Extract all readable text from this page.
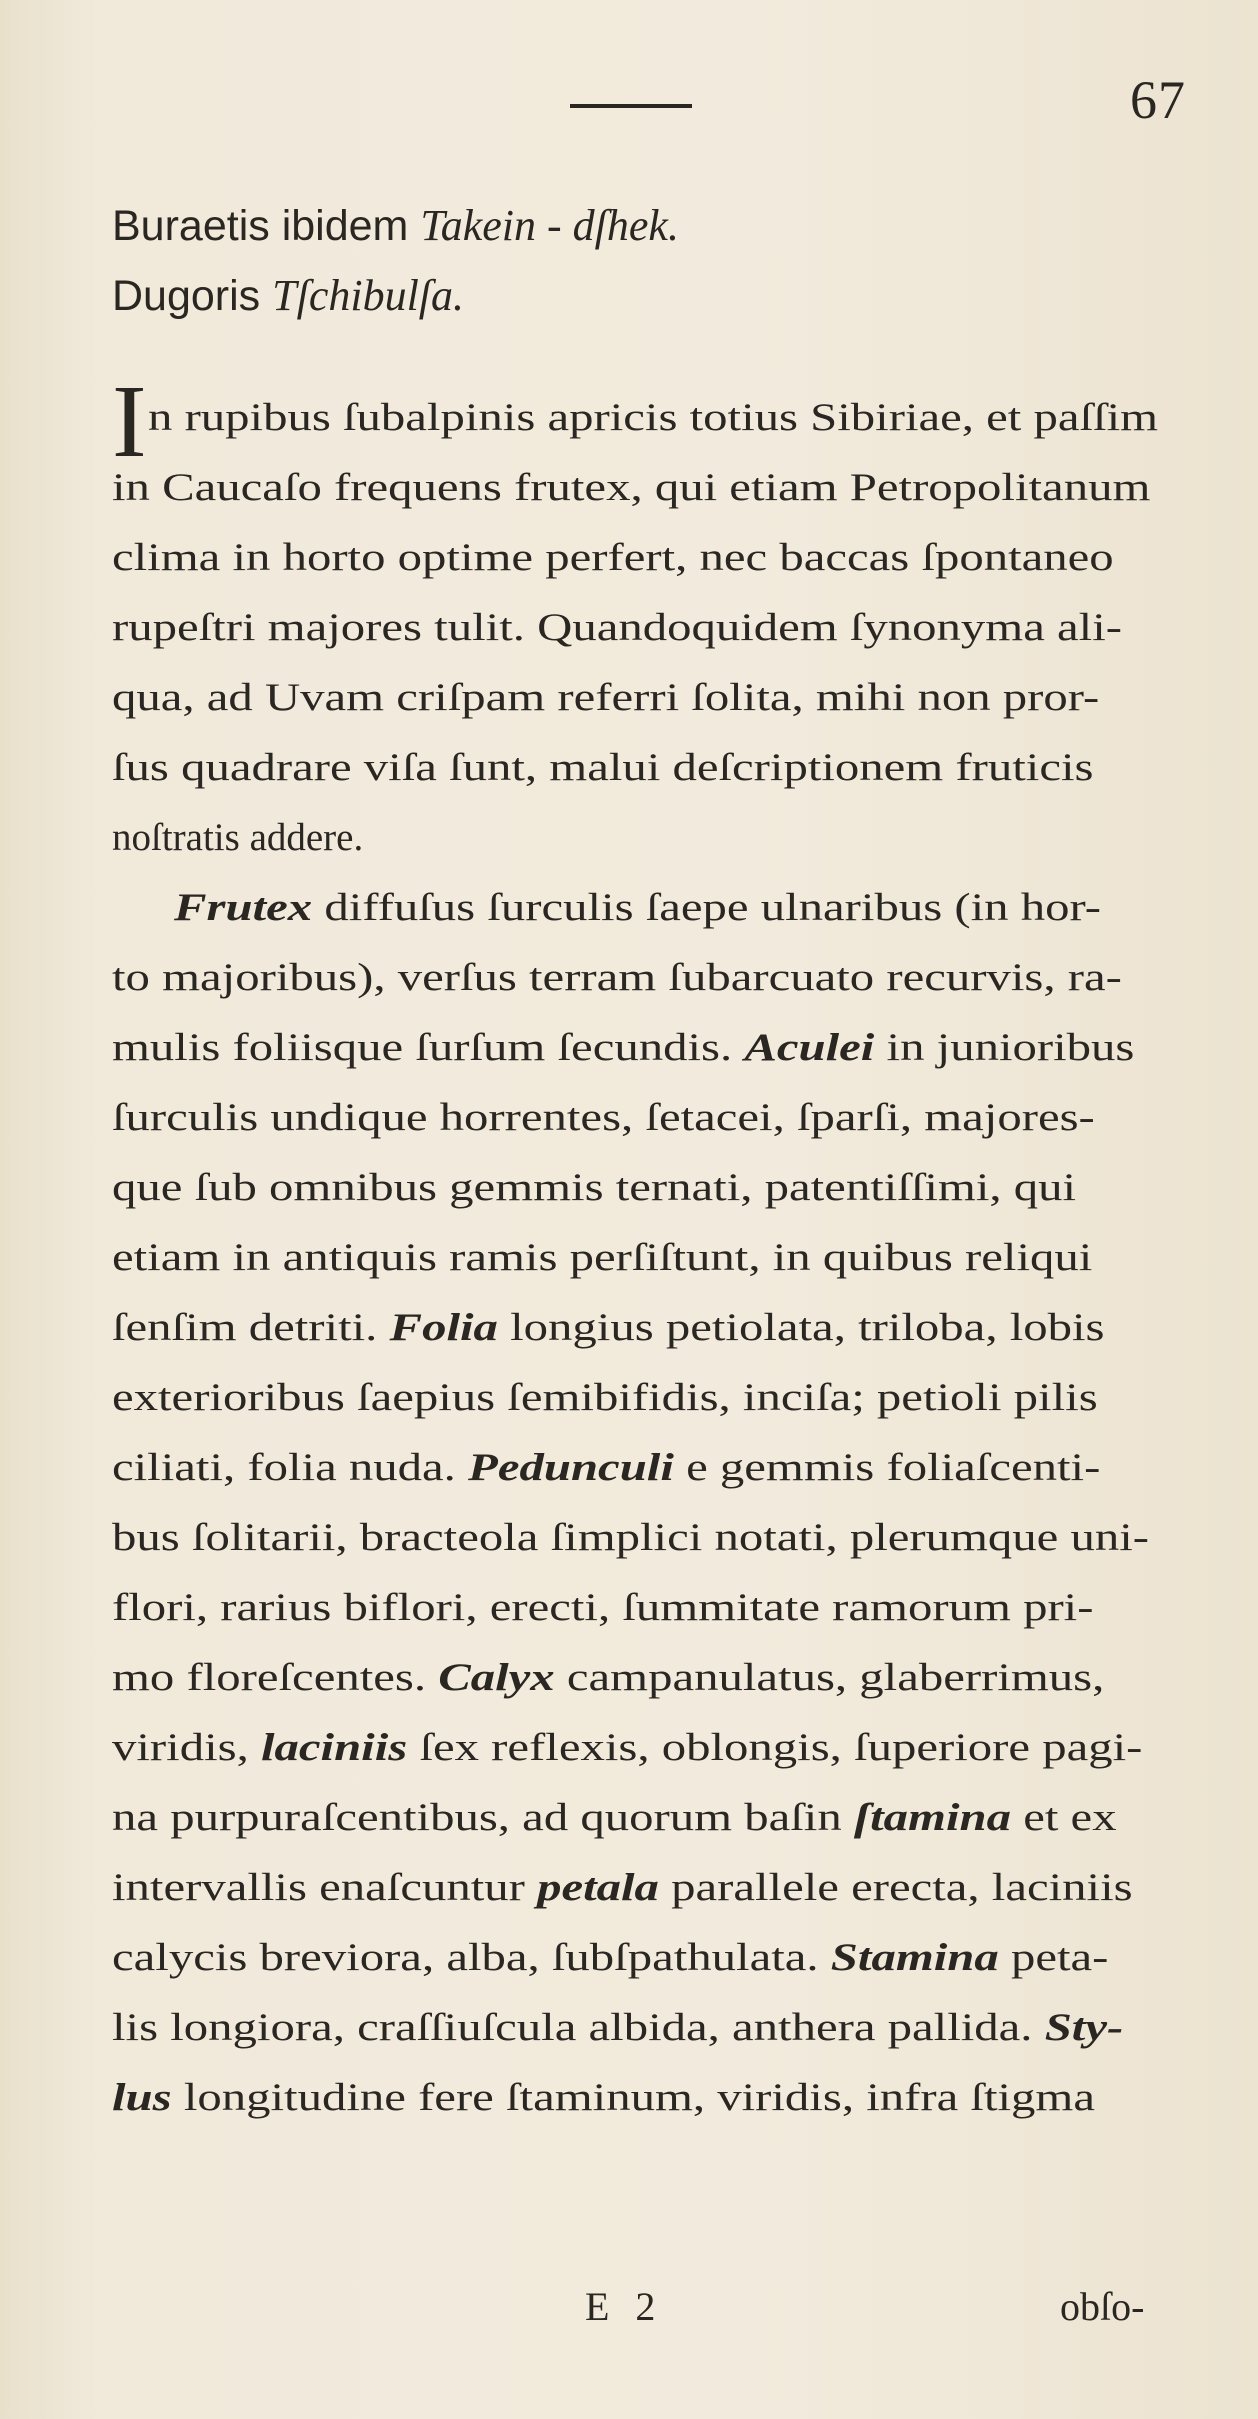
67
Buraetis ibidem Takein - dſhek.
Dugoris Tſchibulſa.
I n rupibus ſubalpinis apricis totius Sibiriae, et paſſim
in Caucaſo frequens frutex, qui etiam Petropolitanum
clima in horto optime perfert, nec baccas ſpontaneo
rupeſtri majores tulit. Quandoquidem ſynonyma ali-
qua, ad Uvam criſpam referri ſolita, mihi non pror-
ſus quadrare viſa ſunt, malui deſcriptionem fruticis
noſtratis addere.
Frutex diffuſus ſurculis ſaepe ulnaribus (in hor-
to majoribus), verſus terram ſubarcuato recurvis, ra-
mulis foliisque ſurſum ſecundis. Aculei in junioribus
ſurculis undique horrentes, ſetacei, ſparſi, majores-
que ſub omnibus gemmis ternati, patentiſſimi, qui
etiam in antiquis ramis perſiſtunt, in quibus reliqui
ſenſim detriti. Folia longius petiolata, triloba, lobis
exterioribus ſaepius ſemibifidis, inciſa; petioli pilis
ciliati, folia nuda. Pedunculi e gemmis foliaſcenti-
bus ſolitarii, bracteola ſimplici notati, plerumque uni-
flori, rarius biflori, erecti, ſummitate ramorum pri-
mo floreſcentes. Calyx campanulatus, glaberrimus,
viridis, laciniis ſex reflexis, oblongis, ſuperiore pagi-
na purpuraſcentibus, ad quorum baſin ſtamina et ex
intervallis enaſcuntur petala parallele erecta, laciniis
calycis breviora, alba, ſubſpathulata. Stamina peta-
lis longiora, craſſiuſcula albida, anthera pallida. Sty-
lus longitudine fere ſtaminum, viridis, infra ſtigma
E 2	obſo-
